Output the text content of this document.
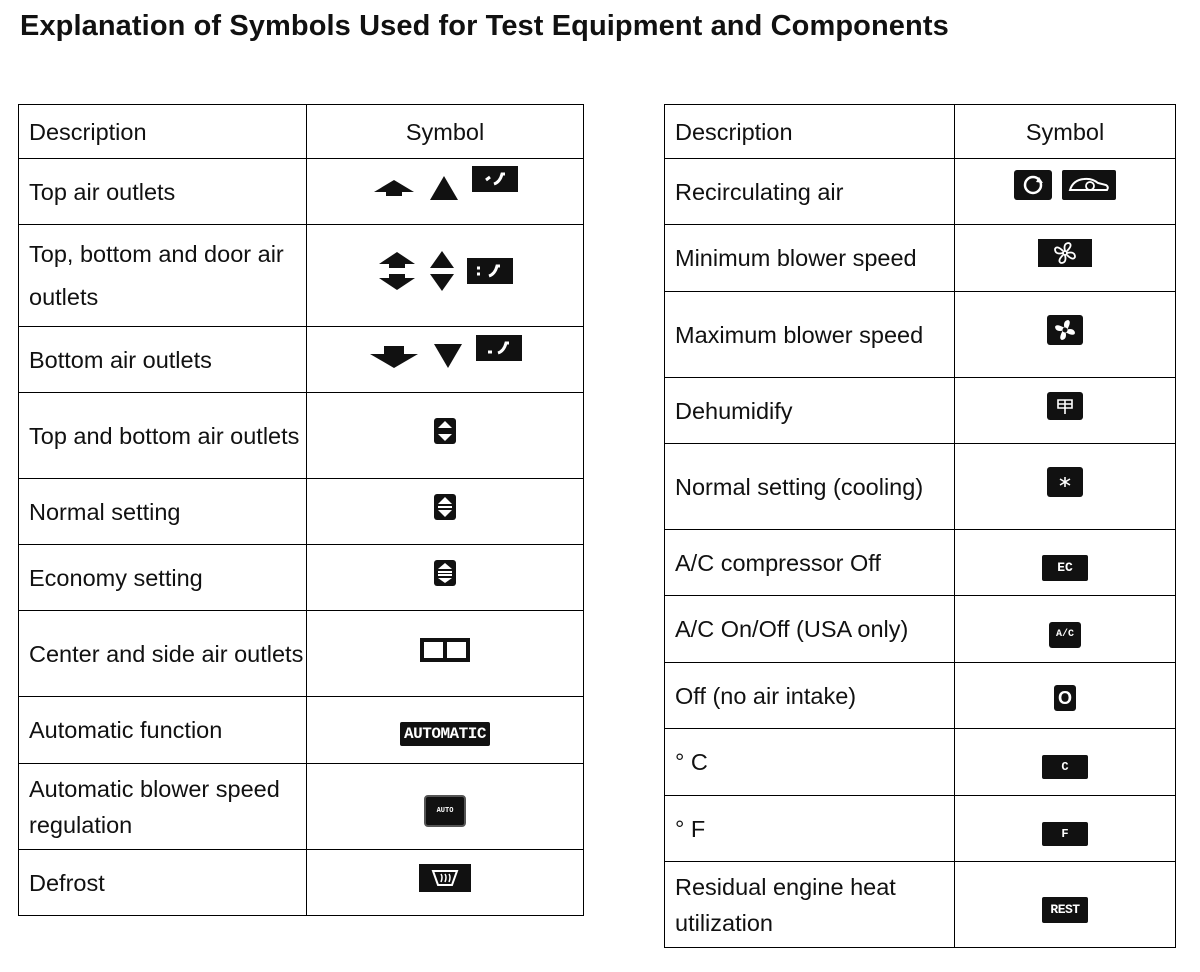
Explanation of Symbols Used for Test Equipment and Components
Description	Symbol
Top air outlets	

Top, bottom and door air outlets	

Bottom air outlets	

Top and bottom air outlets	

Normal setting	

Economy setting	

Center and side air outlets	

Automatic function	AUTOMATIC
Automatic blower speed regulation	AUTO
Defrost	
Description	Symbol
Recirculating air	

Minimum blower speed	

Maximum blower speed	

Dehumidify	

Normal setting (cooling)	

A/C compressor Off	EC
A/C On/Off (USA only)	A/C
Off (no air intake)	O
° C	C
° F	F
Residual engine heat utilization	REST
